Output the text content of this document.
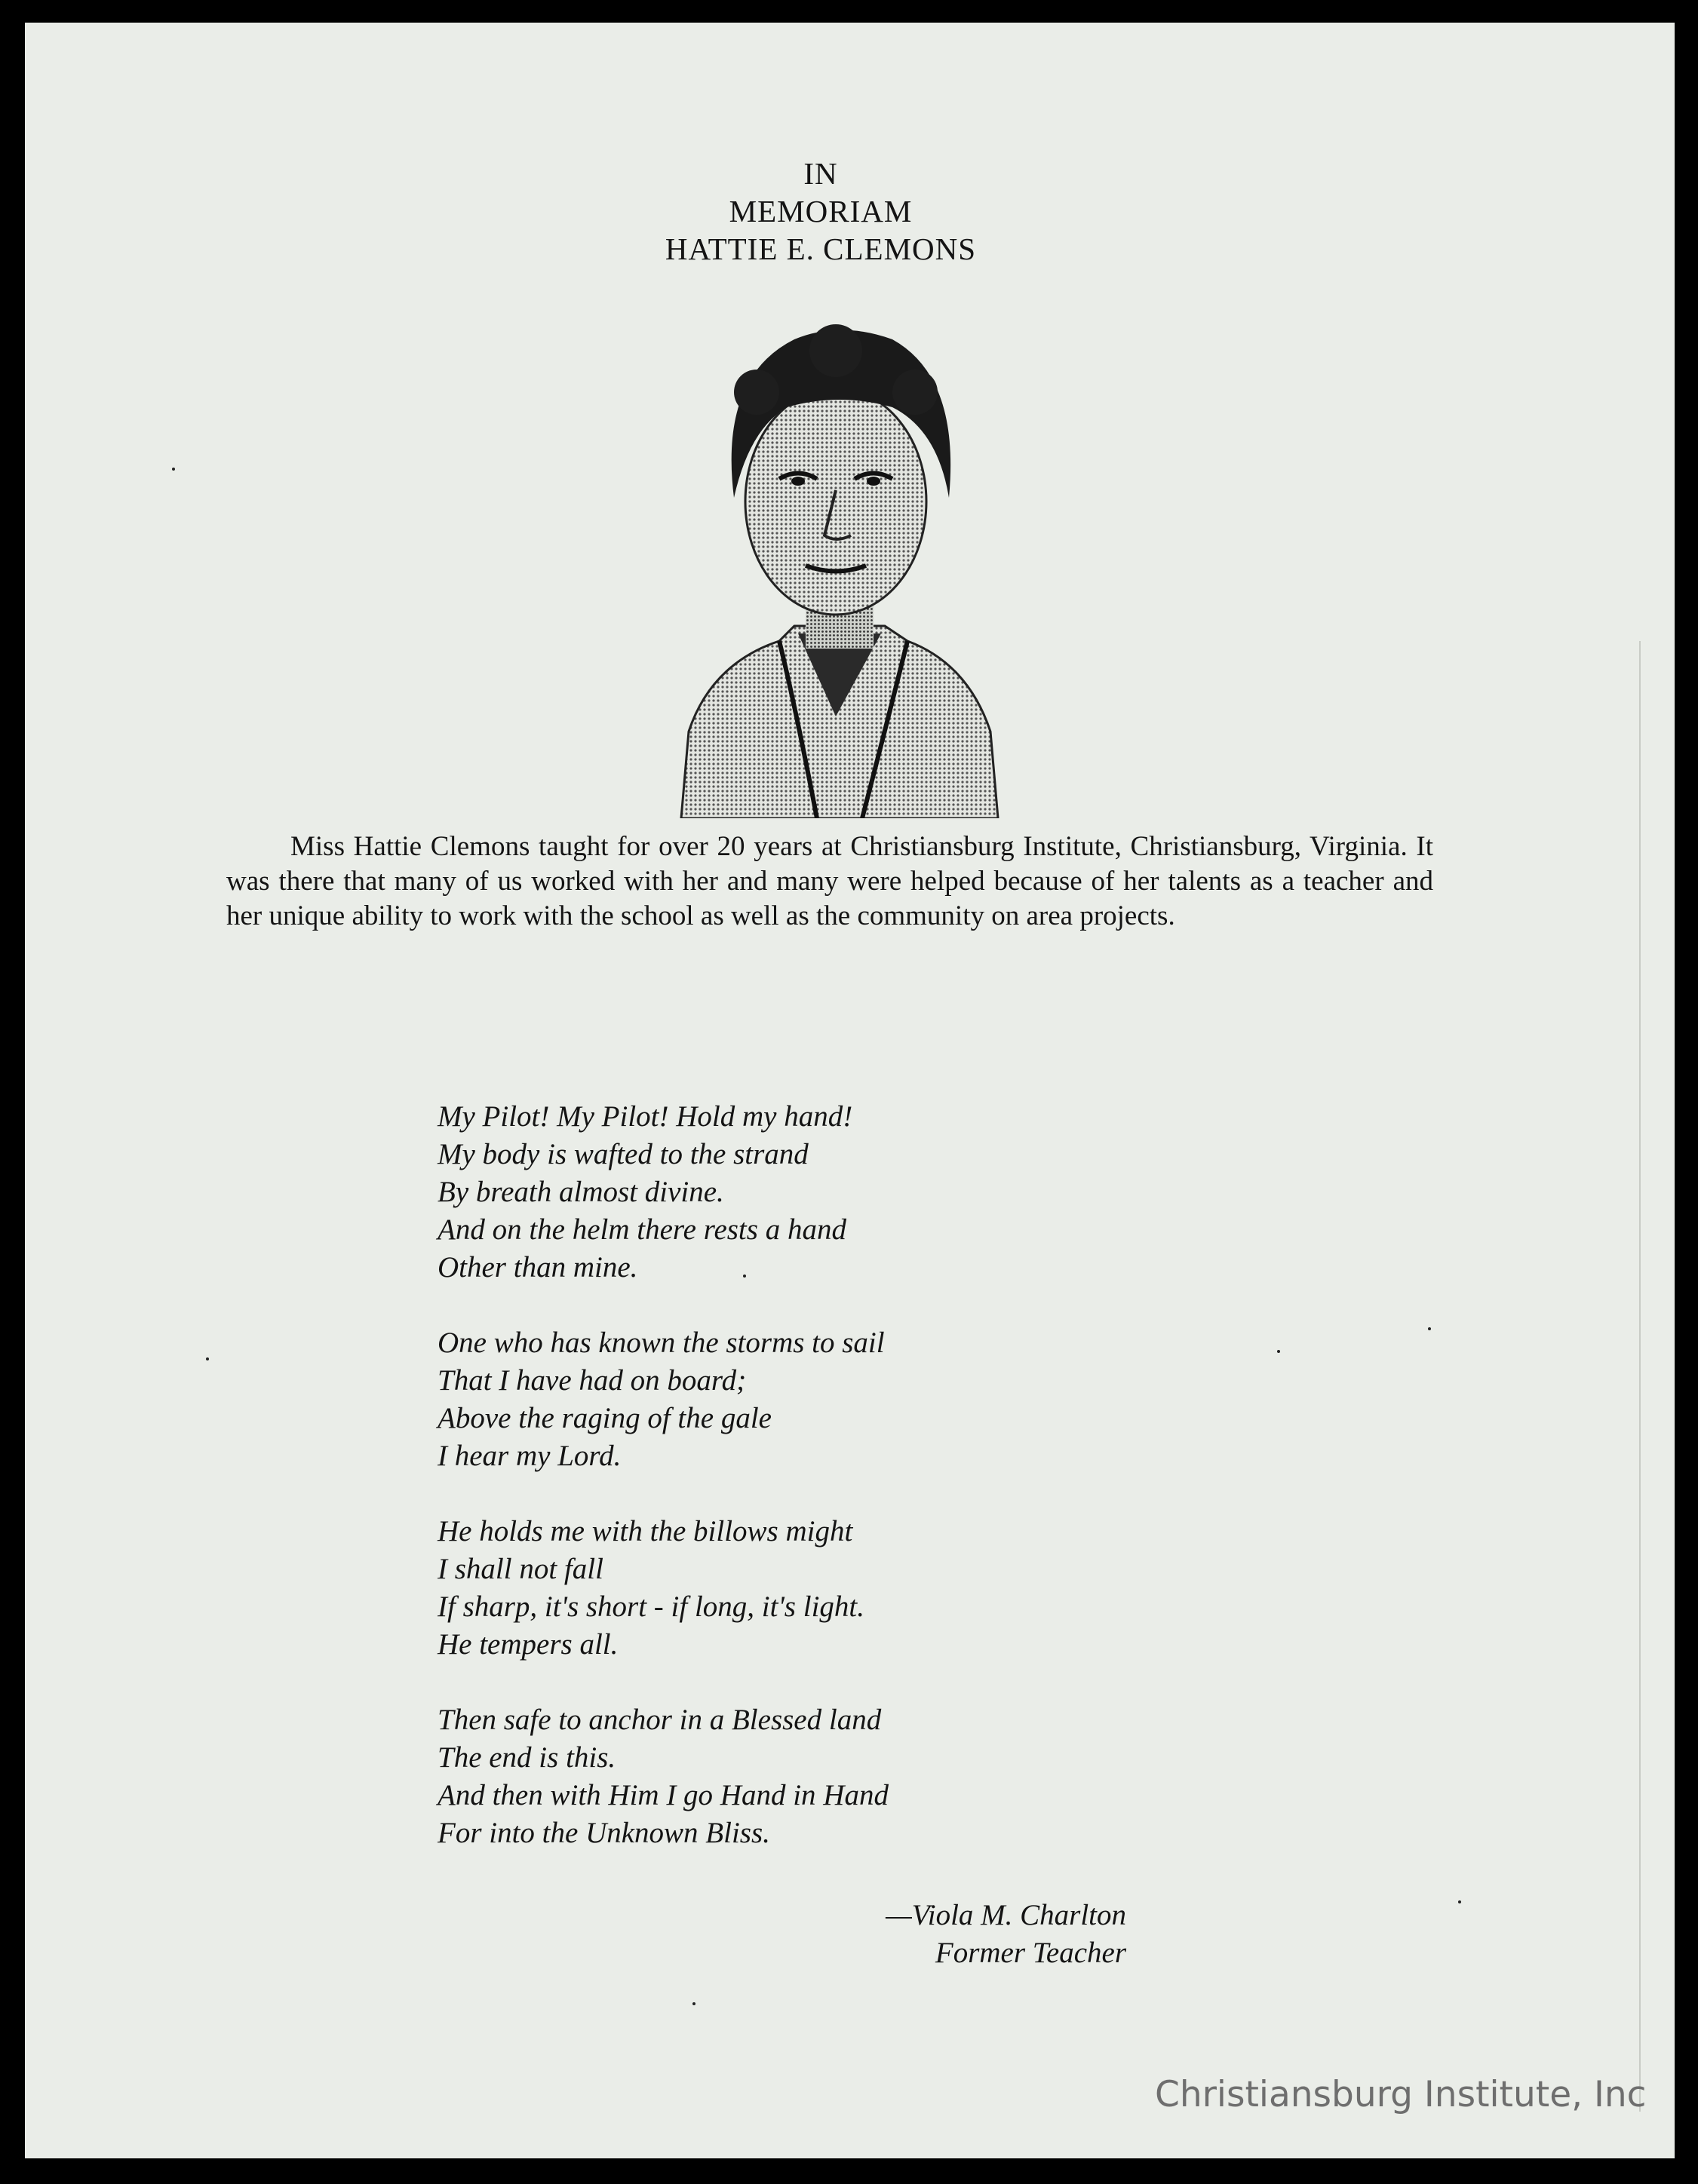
IN
MEMORIAM
HATTIE E. CLEMONS
Miss Hattie Clemons taught for over 20 years at Christiansburg Institute, Christiansburg, Virginia. It was there that many of us worked with her and many were helped because of her talents as a teacher and her unique ability to work with the school as well as the community on area projects.
My Pilot! My Pilot! Hold my hand!
My body is wafted to the strand
By breath almost divine.
And on the helm there rests a hand
Other than mine.
One who has known the storms to sail
That I have had on board;
Above the raging of the gale
I hear my Lord.
He holds me with the billows might
I shall not fall
If sharp, it's short - if long, it's light.
He tempers all.
Then safe to anchor in a Blessed land
The end is this.
And then with Him I go Hand in Hand
For into the Unknown Bliss.
—Viola M. Charlton
Former Teacher
Christiansburg Institute, Inc
